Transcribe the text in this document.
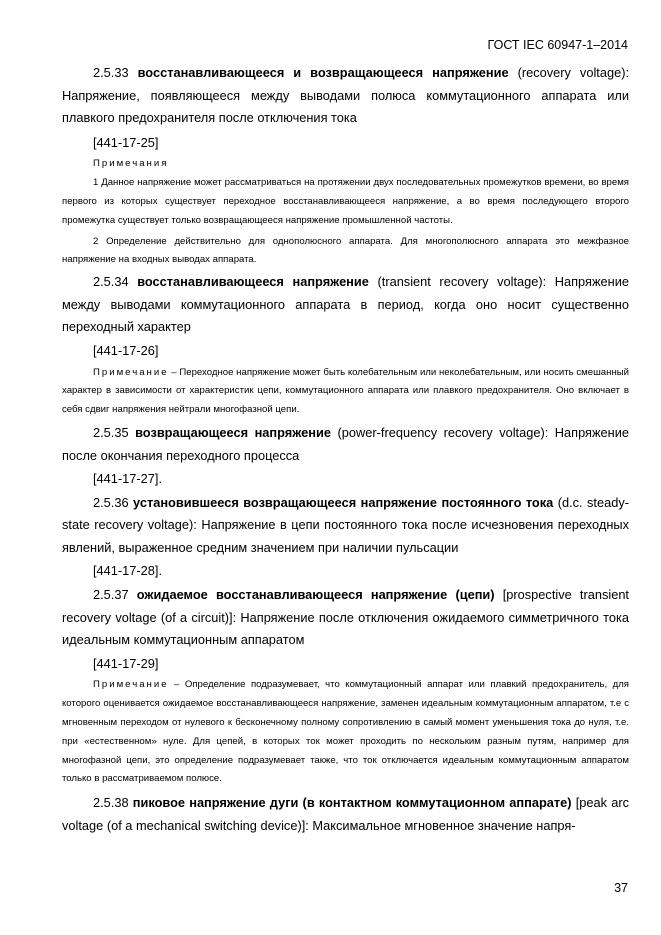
ГОСТ IEC 60947-1–2014

2.5.33 восстанавливающееся и возвращающееся напряжение (recovery voltage): Напряжение, появляющееся между выводами полюса коммутационного аппарата или плавкого предохранителя после отключения тока

[441-17-25]

Примечания

1 Данное напряжение может рассматриваться на протяжении двух последовательных промежутков времени, во время первого из которых существует переходное восстанавливающееся напряжение, а во время последующего второго промежутка существует только возвращающееся напряжение промышленной частоты.

2 Определение действительно для однополюсного аппарата. Для многополюсного аппарата это межфазное напряжение на входных выводах аппарата.

2.5.34 восстанавливающееся напряжение (transient recovery voltage): Напряжение между выводами коммутационного аппарата в период, когда оно носит существенно переходный характер

[441-17-26]

Примечание – Переходное напряжение может быть колебательным или неколебательным, или носить смешанный характер в зависимости от характеристик цепи, коммутационного аппарата или плавкого предохранителя. Оно включает в себя сдвиг напряжения нейтрали многофазной цепи.

2.5.35 возвращающееся напряжение (power-frequency recovery voltage): Напряжение после окончания переходного процесса

[441-17-27].

2.5.36 установившееся возвращающееся напряжение постоянного тока (d.c. steady-state recovery voltage): Напряжение в цепи постоянного тока после исчезновения переходных явлений, выраженное средним значением при наличии пульсации

[441-17-28].

2.5.37 ожидаемое восстанавливающееся напряжение (цепи) [prospective transient recovery voltage (of a circuit)]: Напряжение после отключения ожидаемого симметричного тока идеальным коммутационным аппаратом

[441-17-29]

Примечание – Определение подразумевает, что коммутационный аппарат или плавкий предохранитель, для которого оценивается ожидаемое восстанавливающееся напряжение, заменен идеальным коммутационным аппаратом, т.е с мгновенным переходом от нулевого к бесконечному полному сопротивлению в самый момент уменьшения тока до нуля, т.е. при «естественном» нуле. Для цепей, в которых ток может проходить по нескольким разным путям, например для многофазной цепи, это определение подразумевает также, что ток отключается идеальным коммутационным аппаратом только в рассматриваемом полюсе.

2.5.38 пиковое напряжение дуги (в контактном коммутационном аппарате) [peak arc voltage (of a mechanical switching device)]: Максимальное мгновенное значение напря-

37
